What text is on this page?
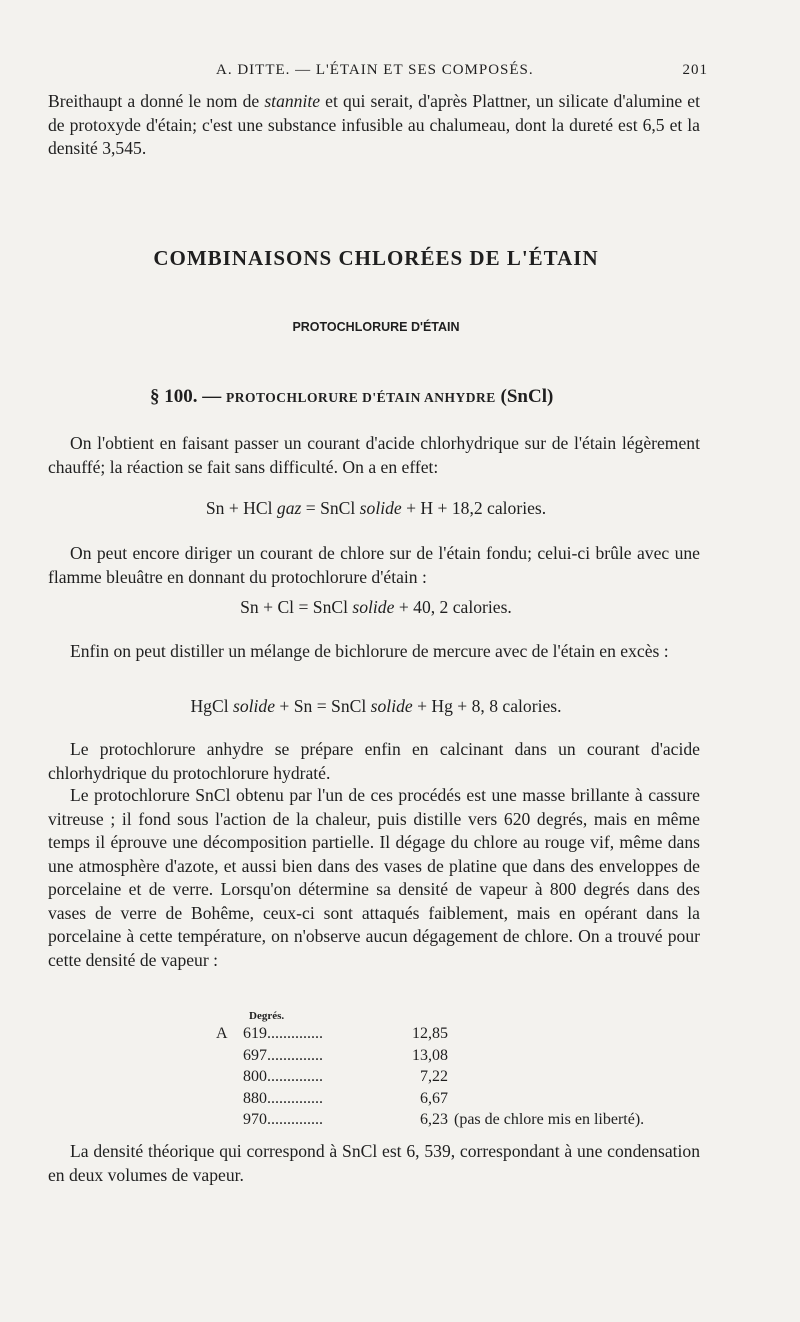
A. DITTE. — L'ÉTAIN ET SES COMPOSÉS.	201

Breithaupt a donné le nom de stannite et qui serait, d'après Plattner, un silicate d'alumine et de protoxyde d'étain; c'est une substance infusible au chalumeau, dont la dureté est 6,5 et la densité 3,545.

COMBINAISONS CHLORÉES DE L'ÉTAIN
PROTOCHLORURE D'ÉTAIN
§ 100. — PROTOCHLORURE D'ÉTAIN ANHYDRE (SnCl)

On l'obtient en faisant passer un courant d'acide chlorhydrique sur de l'étain légèrement chauffé; la réaction se fait sans difficulté. On a en effet:

Sn + HCl gaz = SnCl solide + H + 18,2 calories.

On peut encore diriger un courant de chlore sur de l'étain fondu; celui-ci brûle avec une flamme bleuâtre en donnant du protochlorure d'étain :

Sn + Cl = SnCl solide + 40, 2 calories.

Enfin on peut distiller un mélange de bichlorure de mercure avec de l'étain en excès :

HgCl solide + Sn = SnCl solide + Hg + 8, 8 calories.

Le protochlorure anhydre se prépare enfin en calcinant dans un courant d'acide chlorhydrique du protochlorure hydraté.

Le protochlorure SnCl obtenu par l'un de ces procédés est une masse brillante à cassure vitreuse ; il fond sous l'action de la chaleur, puis distille vers 620 degrés, mais en même temps il éprouve une décomposition partielle. Il dégage du chlore au rouge vif, même dans une atmosphère d'azote, et aussi bien dans des vases de platine que dans des enveloppes de porcelaine et de verre. Lorsqu'on détermine sa densité de vapeur à 800 degrés dans des vases de verre de Bohême, ceux-ci sont attaqués faiblement, mais en opérant dans la porcelaine à cette température, on n'observe aucun dégagement de chlore. On a trouvé pour cette densité de vapeur :

Degrés.
A 619..............	12,85
697..............	13,08
800..............	7,22
880..............	6,67
970..............	6,23 (pas de chlore mis en liberté).

La densité théorique qui correspond à SnCl est 6, 539, correspondant à une condensation en deux volumes de vapeur.
